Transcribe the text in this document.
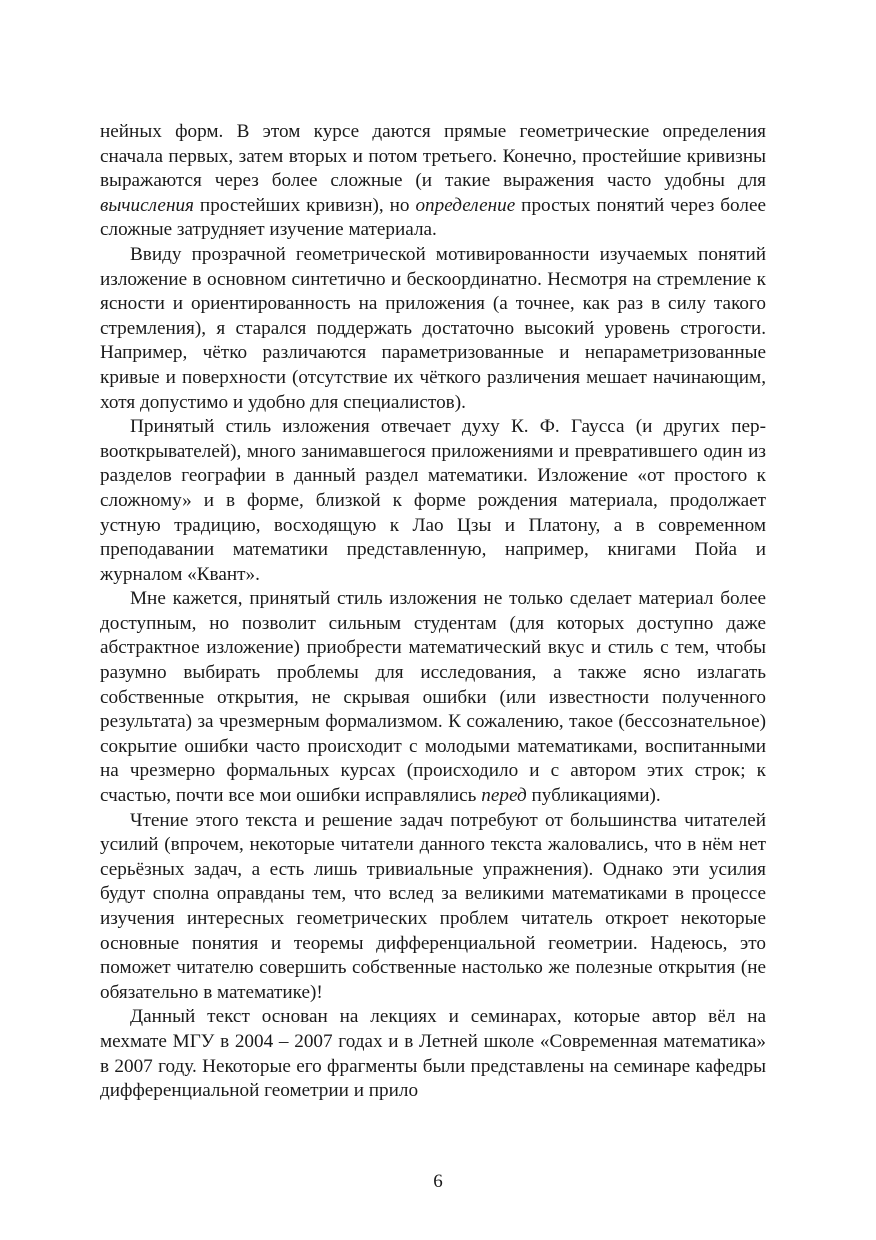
нейных форм. В этом курсе даются прямые геометрические определения сначала первых, затем вторых и потом третьего. Конечно, простейшие кривизны выражаются через более сложные (и такие выражения часто удобны для вычисления простейших кривизн), но определение простых понятий через более сложные затрудняет изучение материала.

Ввиду прозрачной геометрической мотивированности изучаемых понятий изложение в основном синтетично и бескоординатно. Несмотря на стремление к ясности и ориентированность на приложения (а точнее, как раз в силу такого стремления), я старался поддержать достаточно высокий уровень строгости. Например, чётко различаются параметризованные и непараметризованные кривые и поверхности (отсутствие их чёткого различения мешает начинающим, хотя допустимо и удобно для специалистов).

Принятый стиль изложения отвечает духу К. Ф. Гаусса (и других первооткрывателей), много занимавшегося приложениями и превратившего один из разделов географии в данный раздел математики. Изложение «от простого к сложному» и в форме, близкой к форме рождения материала, продолжает устную традицию, восходящую к Лао Цзы и Платону, а в современном преподавании математики представленную, например, книгами Пойа и журналом «Квант».

Мне кажется, принятый стиль изложения не только сделает материал более доступным, но позволит сильным студентам (для которых доступно даже абстрактное изложение) приобрести математический вкус и стиль с тем, чтобы разумно выбирать проблемы для исследования, а также ясно излагать собственные открытия, не скрывая ошибки (или известности полученного результата) за чрезмерным формализмом. К сожалению, такое (бессознательное) сокрытие ошибки часто происходит с молодыми математиками, воспитанными на чрезмерно формальных курсах (происходило и с автором этих строк; к счастью, почти все мои ошибки исправлялись перед публикациями).

Чтение этого текста и решение задач потребуют от большинства читателей усилий (впрочем, некоторые читатели данного текста жаловались, что в нём нет серьёзных задач, а есть лишь тривиальные упражнения). Однако эти усилия будут сполна оправданы тем, что вслед за великими математиками в процессе изучения интересных геометрических проблем читатель откроет некоторые основные понятия и теоремы дифференциальной геометрии. Надеюсь, это поможет читателю совершить собственные настолько же полезные открытия (не обязательно в математике)!

Данный текст основан на лекциях и семинарах, которые автор вёл на мехмате МГУ в 2004 – 2007 годах и в Летней школе «Современная математика» в 2007 году. Некоторые его фрагменты были представлены на семинаре кафедры дифференциальной геометрии и прило

6
